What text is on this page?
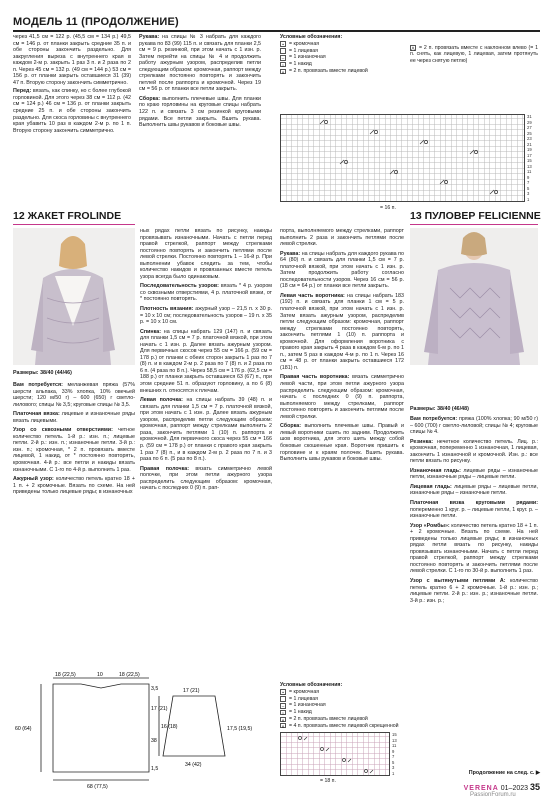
МОДЕЛЬ 11 (ПРОДОЛЖЕНИЕ)

через 41,5 см = 122 р. (45,5 см = 134 р.) 49,5 см = 146 р. от планки закрыть средние 35 п. и обе стороны закончить раздельно. Для закругления выреза с внутреннего края в каждом 2-м р. закрыть 1 раз 3 п. и 2 раза по 2 п. Через 45 см = 132 р. (49 см = 144 р.) 53 см = 156 р. от планки закрыть оставшиеся 31 (39) 47 п. Вторую сторону закончить симметрично.

Перед: вязать, как спинку, но с более глубокой горловиной. Для этого через 38 см = 112 р. (42 см = 124 р.) 46 см = 136 р. от планки закрыть средние 25 п. и обе стороны закончить раздельно. Для скоса горловины с внутреннего края убавить 10 раз в каждом 2-м р. по 1 п. Вторую сторону закончить симметрично.

Рукава: на спицы № 3 набрать для каждого рукава по 83 (99) 115 п. и связать для планки 2,5 см = 9 р. резинкой, при этом начать с 1 изн. р. Затем перейти на спицы № 4 и продолжить работу ажурным узором, распределив петли следующим образом: кромочная, раппорт между стрелками постоянно повторять и закончить петлей после раппорта и кромочной. Через 19 см = 56 р. от планки все петли закрыть.

Сборка: выполнить плечевые швы. Для планки по краю горловины на круговые спицы набрать 122 п. и связать 3 см резинкой круговыми рядами. Все петли закрыть. Вшить рукава. Выполнить швы рукавов и боковые швы.

Условные обозначения:
•	= кромочная
= 1 лицевая
– = 1 изнаночная
○ = 1 накид
∧ = 2 п. провязать вместе лицевой
⋀ = 2 п. провязать вместе с наклонном влево (= 1 п. снять, как лицевую, 1 лицевая, затем протянуть ее через снятую петлю)
31
29
27
25
23
21
19
17
15
13
11
9
7
5
3
1
= 16 п.
12 ЖАКЕТ FROLINDE	13 ПУЛОВЕР FELICIENNE
Размеры: 38/40 (44/46)
Размеры: 38/40 (46/48)

Вам потребуется: меланжевая пряжа (57% шерсти альпака, 33% хлопка, 10% овечьей шерсти; 120 м/50 г) – 600 (650) г светло-лилового; спицы № 3,5; круговые спицы № 3,5.

Платочная вязка: лицевые и изнаночные ряды вязать лицевыми.

Узор со сквозными отверстиями: четное количество петель. 1-й р.: изн. п.; лицевые петли. 2-й р.: изн. п.; изнаночные петли. 3-й р.: изн. п.; кромочная, * 2 п. провязать вместе лицевой, 1 накид, от * постоянно повторять, кромочная. 4-й р.: все петли и накиды вязать изнаночными. С 1-го по 4-й р. выполнить 1 раз.

Ажурный узор: количество петель кратно 18 + 1 п. + 2 кромочные. Вязать по схеме. На ней приведены только лицевые ряды; в изнаночных

ных рядах петли вязать по рисунку, накиды провязывать изнаночными. Начать с петли перед правой стрелкой, раппорт между стрелками постоянно повторять и закончить петлями после левой стрелки. Постоянно повторять 1 – 16-й р. При выполнении убавок следить за тем, чтобы количество накидов и провязанных вместе петель узора всегда было одинаковым.

Последовательность узоров: вязать * 4 р. узором со сквозными отверстиями, 4 р. платочной вязки, от * постоянно повторять.

Плотность вязания: ажурный узор – 21,5 п. х 30 р. = 10 х 10 см; последовательность узоров – 19 п. х 35 р. = 10 х 10 см.

Спинка: на спицы набрать 129 (147) п. и связать для планки 1,5 см = 7 р. платочной вязкой, при этом начать с 1 изн. р. Далее вязать ажурным узором. Для первичных скосов через 55 см = 166 р. (59 см = 178 р.) от планки с обеих сторон закрыть 1 раз по 7 (8) п. и в каждом 2-м р. 2 раза по 7 (8) п. и 2 раза по 6 п. (4 раза по 8 п.). Через 58,5 см = 176 р. (62,5 см = 188 р.) от планки закрыть оставшиеся 63 (67) п., при этом средние 51 п. образуют горловину, а по 6 (8) внешних п. относятся к плечам.

Левая полочка: на спицы набрать 39 (48) п. и связать для планки 1,5 см = 7 р. платочной вязкой, при этом начать с 1 изн. р. Далее вязать ажурным узором, распределив петли следующим образом: кромочная, раппорт между стрелками выполнить 2 раза, закончить петлями 1 (10) п. раппорта и кромочной. Для первичного скоса через 55 см = 166 р. (59 см = 178 р.) от планки с правого края закрыть 1 раз 7 (8) п., и в каждом 2-м р. 2 раза по 7 п. и 3 раза по 6 п. (5 раз по 8 п.).

Правая полочка: вязать симметрично левой полочке, при этом петли ажурного узора распределить следующим образом: кромочная, начать с последних 0 (9) п. рап-

порта, выполняемого между стрелками, раппорт выполнить 2 раза и закончить петлями после левой стрелки.

Рукава: на спицы набрать для каждого рукава по 64 (80) п. и связать для планки 1,5 см = 7 р. платочной вязкой, при этом начать с 1 изн. р. Затем продолжить работу согласно последовательности узоров. Через 16 см = 56 р. (18 см = 64 р.) от планки все петли закрыть.

Левая часть воротника: на спицы набрать 183 (192) п. и связать для планки 1 см = 5 р. платочной вязкой, при этом начать с 1 изн. р. Затем вязать ажурным узором, распределив петли следующим образом: кромочная, раппорт между стрелками постоянно повторять, закончить петлями 1 (10) п. раппорта и кромочной. Для оформления воротника с правого края закрыть 4 раза в каждом 6-м р. по 1 п., затем 5 раз в каждом 4-м р. по 1 п. Через 16 см = 48 р. от планки закрыть оставшиеся 172 (181) п.

Правая часть воротника: вязать симметрично левой части, при этом петли ажурного узора распределить следующим образом: кромочная, начать с последних 0 (9) п. раппорта, выполняемого между стрелками, раппорт постоянно повторять и закончить петлями после левой стрелки.

Сборка: выполнить плечевые швы. Правый и левый воротники сшить по задним. Продолжить шов воротника, для этого шить между собой боковые скошенные края. Воротник пришить к горловине и к краям полочек. Вшить рукава. Выполнить швы рукавов и боковые швы.

Вам потребуется: пряжа (100% хлопка; 90 м/50 г) – 600 (700) г светло-лиловой; спицы № 4; круговые спицы № 4.

Резинка: нечетное количество петель. Лиц. р.: кромочная, попеременно 1 изнаночная, 1 лицевая, закончить 1 изнаночной и кромочной. Изн. р.: все петли вязать по рисунку.

Изнаночная гладь: лицевые ряды – изнаночные петли, изнаночные ряды – лицевые петли.

Лицевая гладь: лицевые ряды – лицевые петли, изнаночные ряды – изнаночные петли.

Платочная вязка круговыми рядами: попеременно 1 круг. р. – лицевые петли, 1 круг. р. – изнаночные петли.

Узор «Ромбы»: количество петель кратно 18 + 1 п. + 2 кромочные. Вязать по схеме. На ней приведены только лицевые ряды; в изнаночных рядах петли вязать по рисунку, накиды провязывать изнаночными. Начать с петли перед правой стрелкой, раппорт между стрелками постоянно повторять и закончить петлями после левой стрелки. С 1-го по 30-й р. выполнить 1 раз.

Узор с вытянутыми петлями А: количество петель кратно 6 + 2 кромочные. 1-й р.: изн. р.; лицевые петли. 2-й р.: изн. р.; изнаночные петли. 3-й р.: изн. р.;

18 (22,5)	10	18 (22,5)
60 (64)
3,5
17 (21)
38
68 (77,5)
1,5
17 (21)
16 (18)	17,5 (19,5)
34 (42)
Условные обозначения:
•	= кромочная
= 1 лицевая
– = 1 изнаночная
○ = 1 накид
∧ = 2 п. провязать вместе лицевой
∧ = 4 п. провязать вместе лицевой скрещенной
15
13
11
9
7
5
3
1
= 18 п.
Продолжение на след. с. ▶
VERENA 01–2023 35
PassionForum.ru
